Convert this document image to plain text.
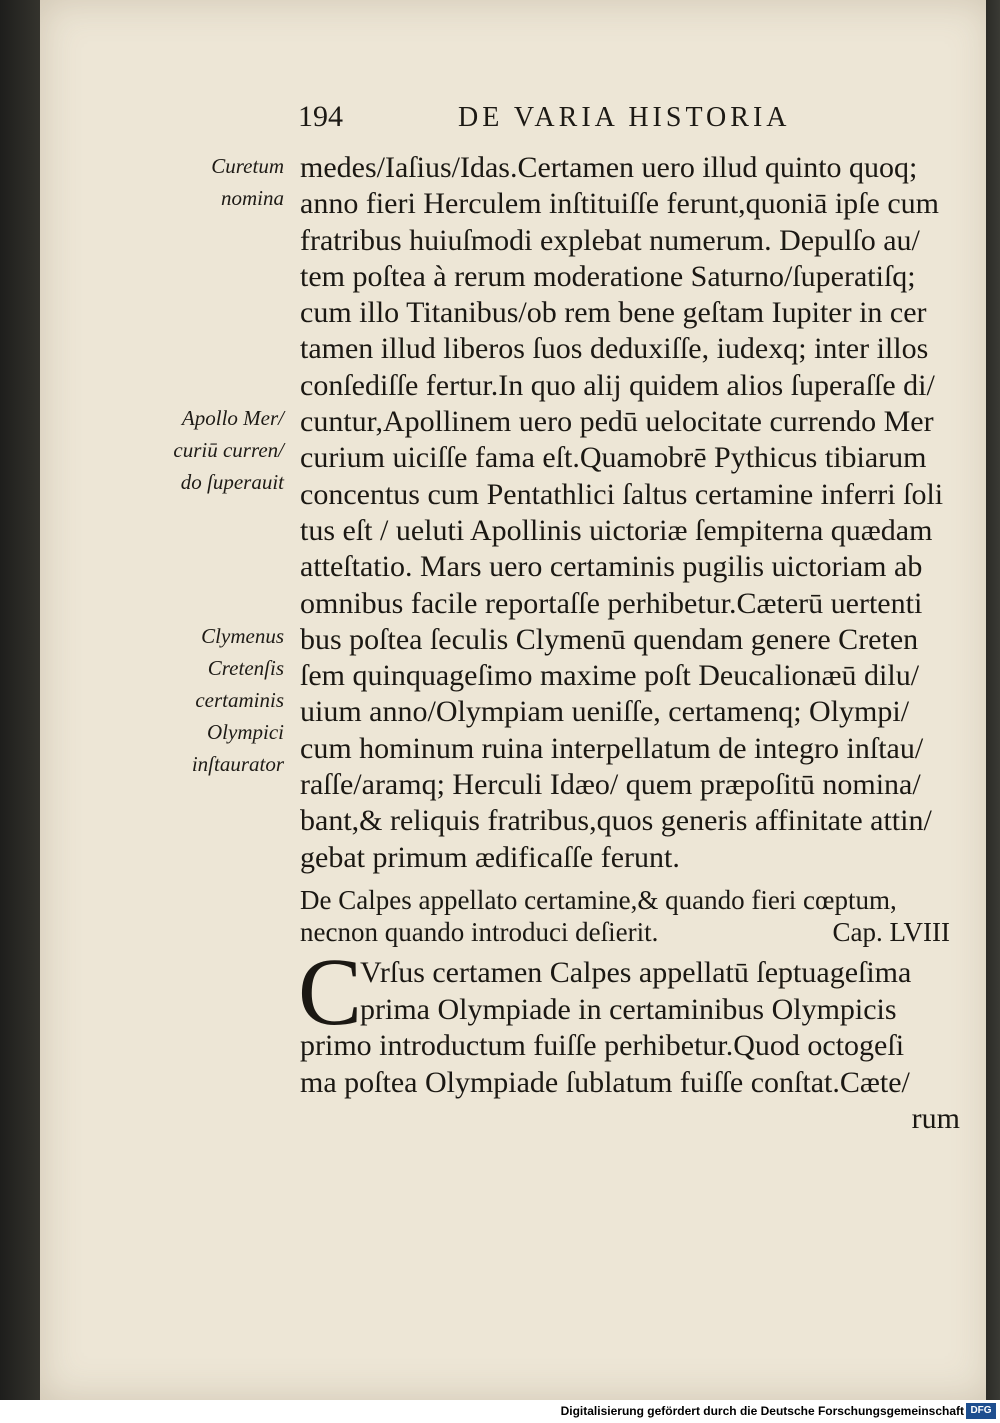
194	DE VARIA HISTORIA
Curetum
nomina
Apollo Mer/
curiū curren/
do ſuperauit
Clymenus
Cretenſis
certaminis
Olympici
inſtaurator
medes/Iaſius/Idas.Certamen uero illud quinto quoq;
anno fieri Herculem inſtituiſſe ferunt,quoniā ipſe cum
fratribus huiuſmodi explebat numerum. Depulſo au/
tem poſtea à rerum moderatione Saturno/ſuperatiſq;
cum illo Titanibus/ob rem bene geſtam Iupiter in cer
tamen illud liberos ſuos deduxiſſe, iudexq; inter illos
conſediſſe fertur.In quo alij quidem alios ſuperaſſe di/
cuntur,Apollinem uero pedū uelocitate currendo Mer
curium uiciſſe fama eſt.Quamobrē Pythicus tibiarum
concentus cum Pentathlici ſaltus certamine inferri ſoli
tus eſt / ueluti Apollinis uictoriæ ſempiterna quædam
atteſtatio. Mars uero certaminis pugilis uictoriam ab
omnibus facile reportaſſe perhibetur.Cæterū uertenti
bus poſtea ſeculis Clymenū quendam genere Creten
ſem quinquageſimo maxime poſt Deucalionæū dilu/
uium anno/Olympiam ueniſſe, certamenq; Olympi/
cum hominum ruina interpellatum de integro inſtau/
raſſe/aramq; Herculi Idæo/ quem præpoſitū nomina/
bant,& reliquis fratribus,quos generis affinitate attin/
gebat primum ædificaſſe ferunt.
De Calpes appellato certamine,& quando fieri cœptum,
necnon quando introduci deſierit.	Cap. LVIII
C
Vrſus certamen Calpes appellatū ſeptuageſima
prima Olympiade in certaminibus Olympicis
primo introductum fuiſſe perhibetur.Quod octogeſi
ma poſtea Olympiade ſublatum fuiſſe conſtat.Cæte/
rum
Digitalisierung gefördert durch die Deutsche Forschungsgemeinschaft DFG
